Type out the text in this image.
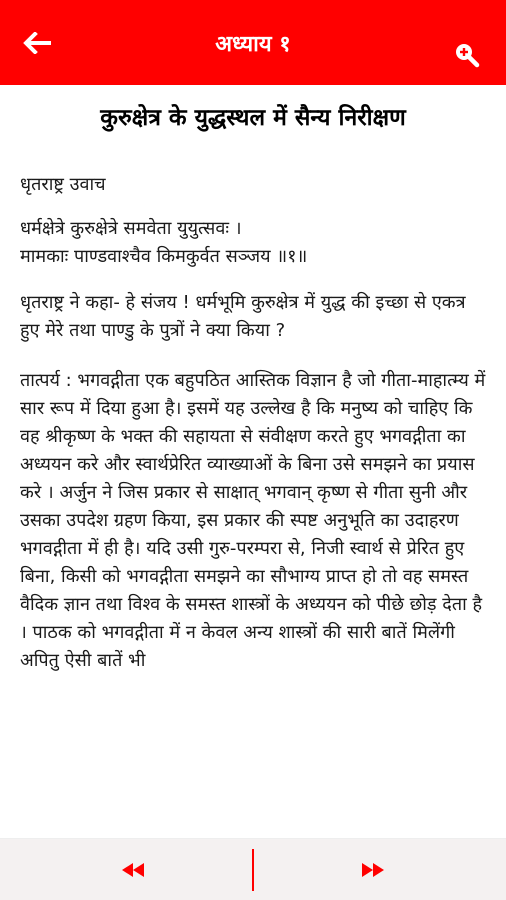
अध्याय १
कुरुक्षेत्र के युद्धस्थल में सैन्य निरीक्षण
धृतराष्ट्र उवाच
धर्मक्षेत्रे कुरुक्षेत्रे समवेता युयुत्सवः ।
मामकाः पाण्डवाश्चैव किमकुर्वत सञ्जय ॥१॥
धृतराष्ट्र ने कहा- हे संजय ! धर्मभूमि कुरुक्षेत्र में युद्ध की इच्छा से एकत्र हुए मेरे तथा पाण्डु के पुत्रों ने क्या किया ?
तात्पर्य : भगवद्गीता एक बहुपठित आस्तिक विज्ञान है जो गीता-माहात्म्य में सार रूप में दिया हुआ है। इसमें यह उल्लेख है कि मनुष्य को चाहिए कि वह श्रीकृष्ण के भक्त की सहायता से संवीक्षण करते हुए भगवद्गीता का अध्ययन करे और स्वार्थप्रेरित व्याख्याओं के बिना उसे समझने का प्रयास करे । अर्जुन ने जिस प्रकार से साक्षात् भगवान् कृष्ण से गीता सुनी और उसका उपदेश ग्रहण किया, इस प्रकार की स्पष्ट अनुभूति का उदाहरण भगवद्गीता में ही है। यदि उसी गुरु-परम्परा से, निजी स्वार्थ से प्रेरित हुए बिना, किसी को भगवद्गीता समझने का सौभाग्य प्राप्त हो तो वह समस्त वैदिक ज्ञान तथा विश्व के समस्त शास्त्रों के अध्ययन को पीछे छोड़ देता है । पाठक को भगवद्गीता में न केवल अन्य शास्त्रों की सारी बातें मिलेंगी अपितु ऐसी बातें भी
